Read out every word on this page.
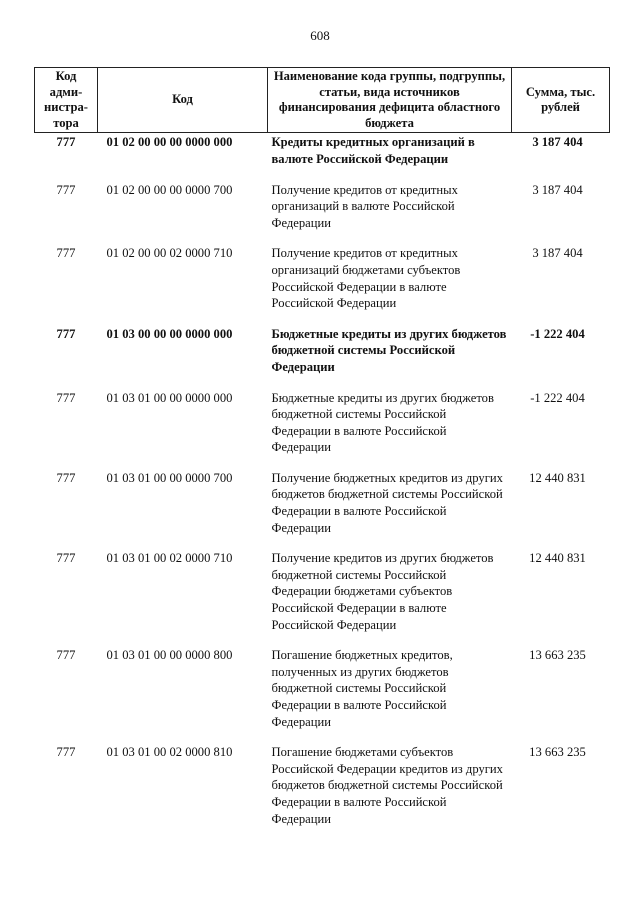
608
Код адми-нистра-тора	Код	Наименование кода группы, подгруппы, статьи, вида источников финансирования дефицита областного бюджета	Сумма, тыс. рублей
777	01 02 00 00 00 0000 000	Кредиты кредитных организаций в валюте Российской Федерации	3 187 404
777	01 02 00 00 00 0000 700	Получение кредитов от кредитных организаций в валюте Российской Федерации	3 187 404
777	01 02 00 00 02 0000 710	Получение кредитов от кредитных организаций бюджетами субъектов Российской Федерации в валюте Российской Федерации	3 187 404
777	01 03 00 00 00 0000 000	Бюджетные кредиты из других бюджетов бюджетной системы Российской Федерации	-1 222 404
777	01 03 01 00 00 0000 000	Бюджетные кредиты из других бюджетов бюджетной системы Российской Федерации в валюте Российской Федерации	-1 222 404
777	01 03 01 00 00 0000 700	Получение бюджетных кредитов из других бюджетов бюджетной системы Российской Федерации в валюте Российской Федерации	12 440 831
777	01 03 01 00 02 0000 710	Получение кредитов из других бюджетов бюджетной системы Российской Федерации бюджетами субъектов Российской Федерации в валюте Российской Федерации	12 440 831
777	01 03 01 00 00 0000 800	Погашение бюджетных кредитов, полученных из других бюджетов бюджетной системы Российской Федерации в валюте Российской Федерации	13 663 235
777	01 03 01 00 02 0000 810	Погашение бюджетами субъектов Российской Федерации кредитов из других бюджетов бюджетной системы Российской Федерации в валюте Российской Федерации	13 663 235
